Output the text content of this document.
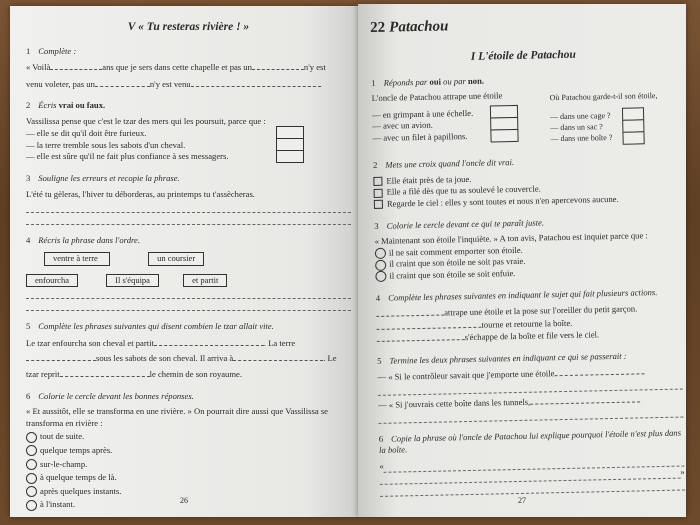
V « Tu resteras rivière ! »
1 Complète :
« Voilà	ans que je sers dans cette chapelle et pas un	n'y est
venu voleter, pas un	n'y est venu
2 Écris vrai ou faux.
Vassilissa pense que c'est le tzar des mers qui les poursuit, parce que :
— elle se dit qu'il doit être furieux.
— la terre tremble sous les sabots d'un cheval.
— elle est sûre qu'il ne fait plus confiance à ses messagers.
3 Souligne les erreurs et recopie la phrase.
L'été tu gèleras, l'hiver tu déborderas, au printemps tu t'assècheras.
4 Récris la phrase dans l'ordre.
ventre à terre	un coursier
enfourcha	Il s'équipa	et partit
5 Complète les phrases suivantes qui disent combien le tzar allait vite.
Le tzar enfourcha son cheval et partit	. La terre
sous les sabots de son cheval. Il arriva à	. Le
tzar reprit	le chemin de son royaume.
6 Colorie le cercle devant les bonnes réponses.
« Et aussitôt, elle se transforma en une rivière. » On pourrait dire aussi que Vassilissa se transforma en rivière :
tout de suite.
quelque temps après.
sur-le-champ.
à quelque temps de là.
après quelques instants.
à l'instant.	26
22 Patachou
I L'étoile de Patachou
1 Réponds par oui ou par non.
L'oncle de Patachou attrape une étoile
— en grimpant à une échelle.
— avec un avion.
— avec un filet à papillons.
Où Patachou garde-t-il son étoile,
— dans une cage ?
— dans un sac ?
— dans une boîte ?
2 Mets une croix quand l'oncle dit vrai.
Elle était près de ta joue.
Elle a filé dès que tu as soulevé le couvercle.
Regarde le ciel : elles y sont toutes et nous n'en apercevons aucune.
3 Colorie le cercle devant ce qui te paraît juste.
« Maintenant son étoile l'inquiète. » A ton avis, Patachou est inquiet parce que :
il ne sait comment emporter son étoile.
il craint que son étoile ne soit pas vraie.
il craint que son étoile se soit enfuie.
4 Complète les phrases suivantes en indiquant le sujet qui fait plusieurs actions.
attrape une étoile et la pose sur l'oreiller du petit garçon.
tourne et retourne la boîte.
s'échappe de la boîte et file vers le ciel.
5 Termine les deux phrases suivantes en indiquant ce qui se passerait :
— « Si le contrôleur savait que j'emporte une étoile
— « Si j'ouvrais cette boîte dans les tunnels,
6 Copie la phrase où l'oncle de Patachou lui explique pourquoi l'étoile n'est plus dans la boîte.
«
»
27
